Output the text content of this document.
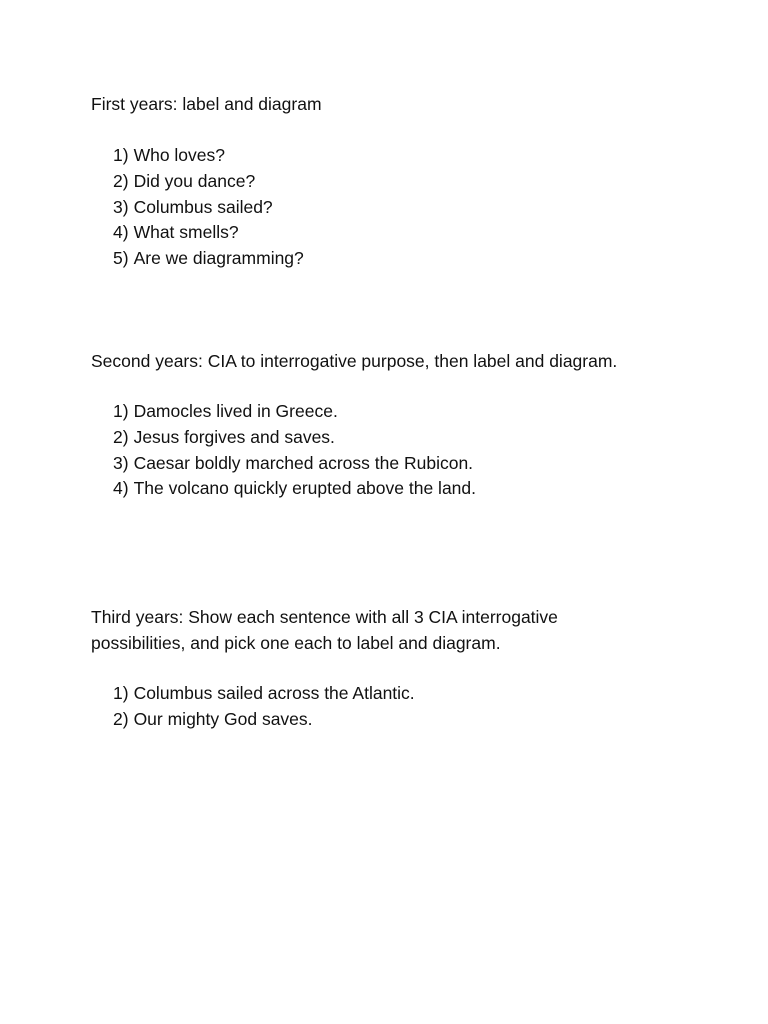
First years: label and diagram

1) Who loves?
2) Did you dance?
3) Columbus sailed?
4) What smells?
5) Are we diagramming?

Second years: CIA to interrogative purpose, then label and diagram.

1) Damocles lived in Greece.
2) Jesus forgives and saves.
3) Caesar boldly marched across the Rubicon.
4) The volcano quickly erupted above the land.

Third years: Show each sentence with all 3 CIA interrogative possibilities, and pick one each to label and diagram.

1) Columbus sailed across the Atlantic.
2) Our mighty God saves.
